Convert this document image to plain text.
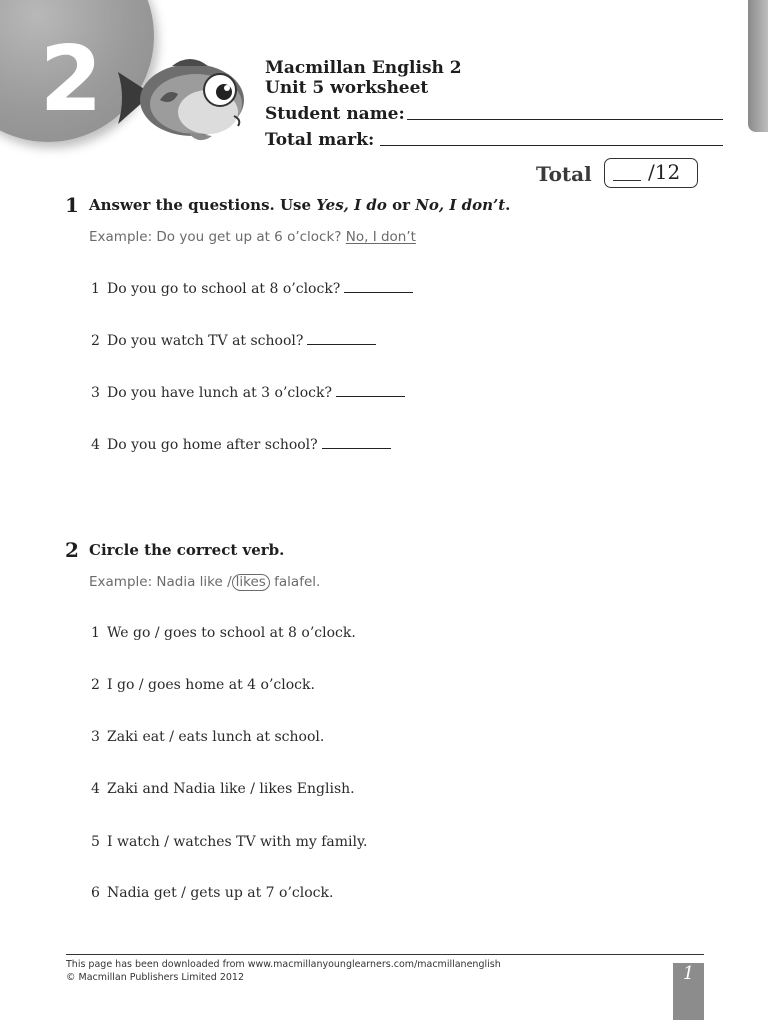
2	Macmillan English 2
Unit 5 worksheet
Student name:
Total mark:
Total	/12
1 Answer the questions. Use Yes, I do or No, I don’t.
Example: Do you get up at 6 o’clock? No, I don’t
1 Do you go to school at 8 o’clock?
2 Do you watch TV at school?
3 Do you have lunch at 3 o’clock?
4 Do you go home after school?
2 Circle the correct verb.
Example: Nadia like / likes falafel.
1 We go / goes to school at 8 o’clock.
2 I go / goes home at 4 o’clock.
3 Zaki eat / eats lunch at school.
4 Zaki and Nadia like / likes English.
5 I watch / watches TV with my family.
6 Nadia get / gets up at 7 o’clock.
This page has been downloaded from www.macmillanyounglearners.com/macmillanenglish
© Macmillan Publishers Limited 2012	1
